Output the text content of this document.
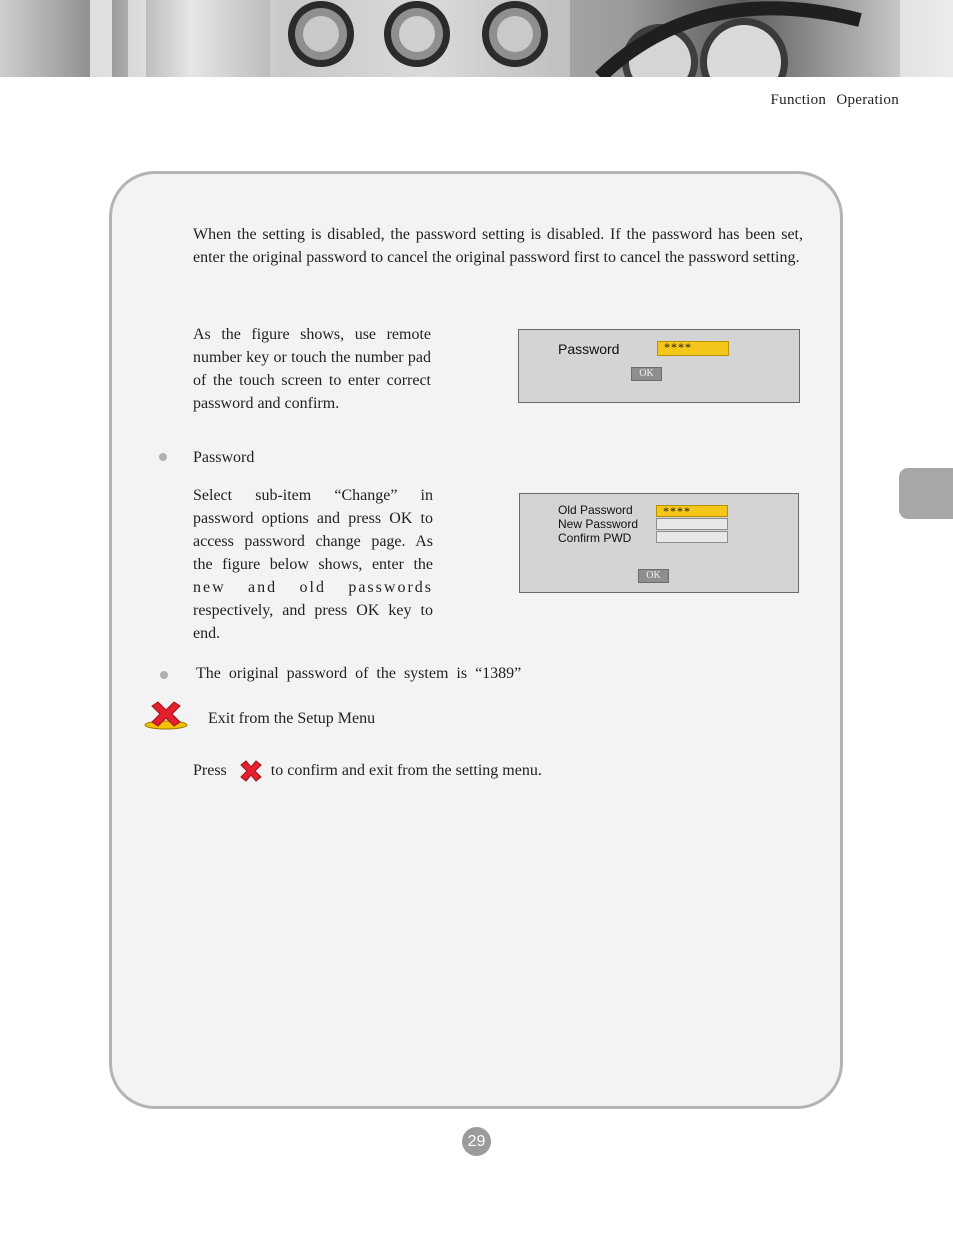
Function Operation

When the setting is disabled, the password setting is disabled. If the password has been set, enter the original password to cancel the original password first to cancel the password setting.

As the figure shows, use remote number key or touch the number pad of the touch screen to enter correct password and confirm.

Password	****
OK
Password
Select sub-item “Change” in
password options and press OK to
access password change page. As
the figure below shows, enter the
new and old passwords
respectively, and press OK key to
end.
Old Password
New Password
Confirm PWD
****
OK
The original password of the system is “1389”
Exit from the Setup Menu
Press	to confirm and exit from the setting menu.
29
